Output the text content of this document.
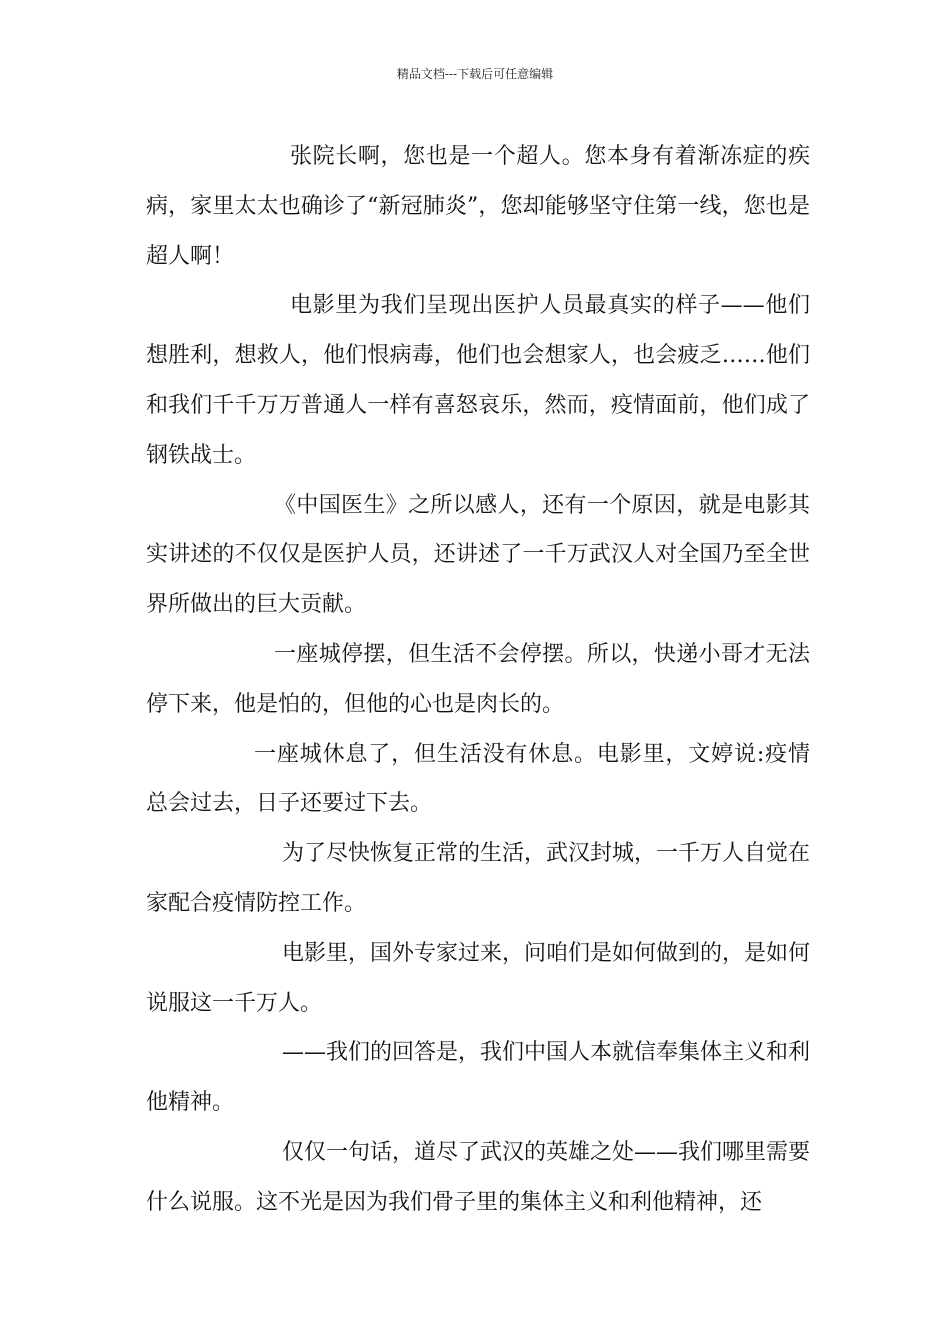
精品文档---下载后可任意编辑

张院长啊，您也是一个超人。您本身有着渐冻症的疾病，家里太太也确诊了“新冠肺炎”，您却能够坚守住第一线，您也是超人啊！

电影里为我们呈现出医护人员最真实的样子——他们想胜利，想救人，他们恨病毒，他们也会想家人，也会疲乏……他们和我们千千万万普通人一样有喜怒哀乐，然而，疫情面前，他们成了钢铁战士。

《中国医生》之所以感人，还有一个原因，就是电影其实讲述的不仅仅是医护人员，还讲述了一千万武汉人对全国乃至全世界所做出的巨大贡献。

一座城停摆，但生活不会停摆。所以，快递小哥才无法停下来，他是怕的，但他的心也是肉长的。

一座城休息了，但生活没有休息。电影里，文婷说:疫情总会过去，日子还要过下去。

为了尽快恢复正常的生活，武汉封城，一千万人自觉在家配合疫情防控工作。

电影里，国外专家过来，问咱们是如何做到的，是如何说服这一千万人。

——我们的回答是，我们中国人本就信奉集体主义和利他精神。

仅仅一句话，道尽了武汉的英雄之处——我们哪里需要什么说服。这不光是因为我们骨子里的集体主义和利他精神，还
